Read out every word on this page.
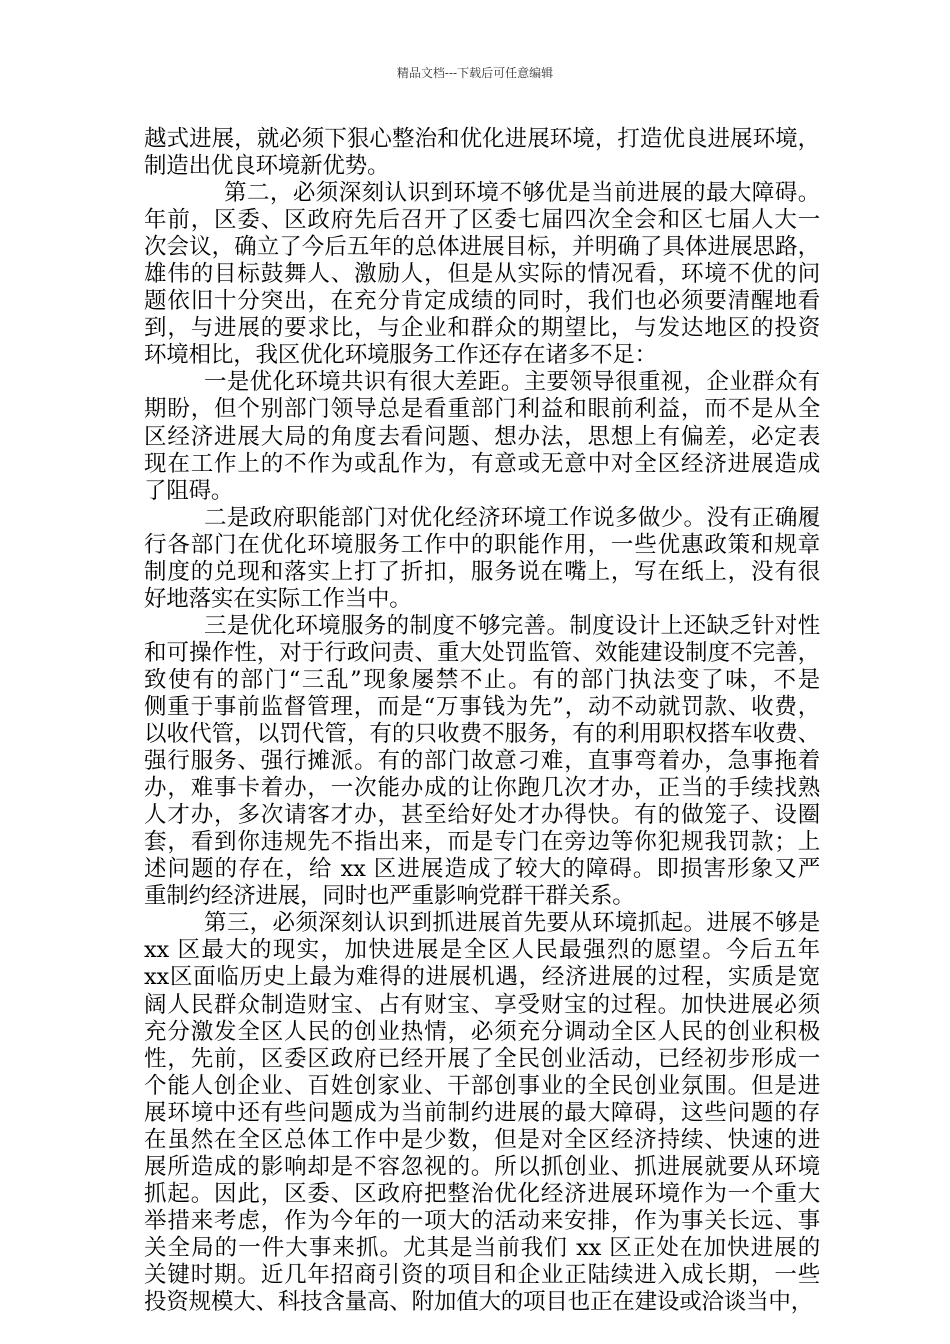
精品文档---下载后可任意编辑
越式进展，就必须下狠心整治和优化进展环境，打造优良进展环境，
制造出优良环境新优势。
第二，必须深刻认识到环境不够优是当前进展的最大障碍。
年前，区委、区政府先后召开了区委七届四次全会和区七届人大一
次会议，确立了今后五年的总体进展目标，并明确了具体进展思路，
雄伟的目标鼓舞人、激励人，但是从实际的情况看，环境不优的问
题依旧十分突出，在充分肯定成绩的同时，我们也必须要清醒地看
到，与进展的要求比，与企业和群众的期望比，与发达地区的投资
环境相比，我区优化环境服务工作还存在诸多不足：
一是优化环境共识有很大差距。主要领导很重视，企业群众有
期盼，但个别部门领导总是看重部门利益和眼前利益，而不是从全
区经济进展大局的角度去看问题、想办法，思想上有偏差，必定表
现在工作上的不作为或乱作为，有意或无意中对全区经济进展造成
了阻碍。
二是政府职能部门对优化经济环境工作说多做少。没有正确履
行各部门在优化环境服务工作中的职能作用，一些优惠政策和规章
制度的兑现和落实上打了折扣，服务说在嘴上，写在纸上，没有很
好地落实在实际工作当中。
三是优化环境服务的制度不够完善。制度设计上还缺乏针对性
和可操作性，对于行政问责、重大处罚监管、效能建设制度不完善，
致使有的部门“三乱”现象屡禁不止。有的部门执法变了味，不是
侧重于事前监督管理，而是“万事钱为先”，动不动就罚款、收费，
以收代管，以罚代管，有的只收费不服务，有的利用职权搭车收费、
强行服务、强行摊派。有的部门故意刁难，直事弯着办，急事拖着
办，难事卡着办，一次能办成的让你跑几次才办，正当的手续找熟
人才办，多次请客才办，甚至给好处才办得快。有的做笼子、设圈
套，看到你违规先不指出来，而是专门在旁边等你犯规我罚款；上
述问题的存在，给 xx 区进展造成了较大的障碍。即损害形象又严
重制约经济进展，同时也严重影响党群干群关系。
第三，必须深刻认识到抓进展首先要从环境抓起。进展不够是
xx 区最大的现实，加快进展是全区人民最强烈的愿望。今后五年
xx区面临历史上最为难得的进展机遇，经济进展的过程，实质是宽
阔人民群众制造财宝、占有财宝、享受财宝的过程。加快进展必须
充分激发全区人民的创业热情，必须充分调动全区人民的创业积极
性，先前，区委区政府已经开展了全民创业活动，已经初步形成一
个能人创企业、百姓创家业、干部创事业的全民创业氛围。但是进
展环境中还有些问题成为当前制约进展的最大障碍，这些问题的存
在虽然在全区总体工作中是少数，但是对全区经济持续、快速的进
展所造成的影响却是不容忽视的。所以抓创业、抓进展就要从环境
抓起。因此，区委、区政府把整治优化经济进展环境作为一个重大
举措来考虑，作为今年的一项大的活动来安排，作为事关长远、事
关全局的一件大事来抓。尤其是当前我们 xx 区正处在加快进展的
关键时期。近几年招商引资的项目和企业正陆续进入成长期，一些
投资规模大、科技含量高、附加值大的项目也正在建设或洽谈当中，
